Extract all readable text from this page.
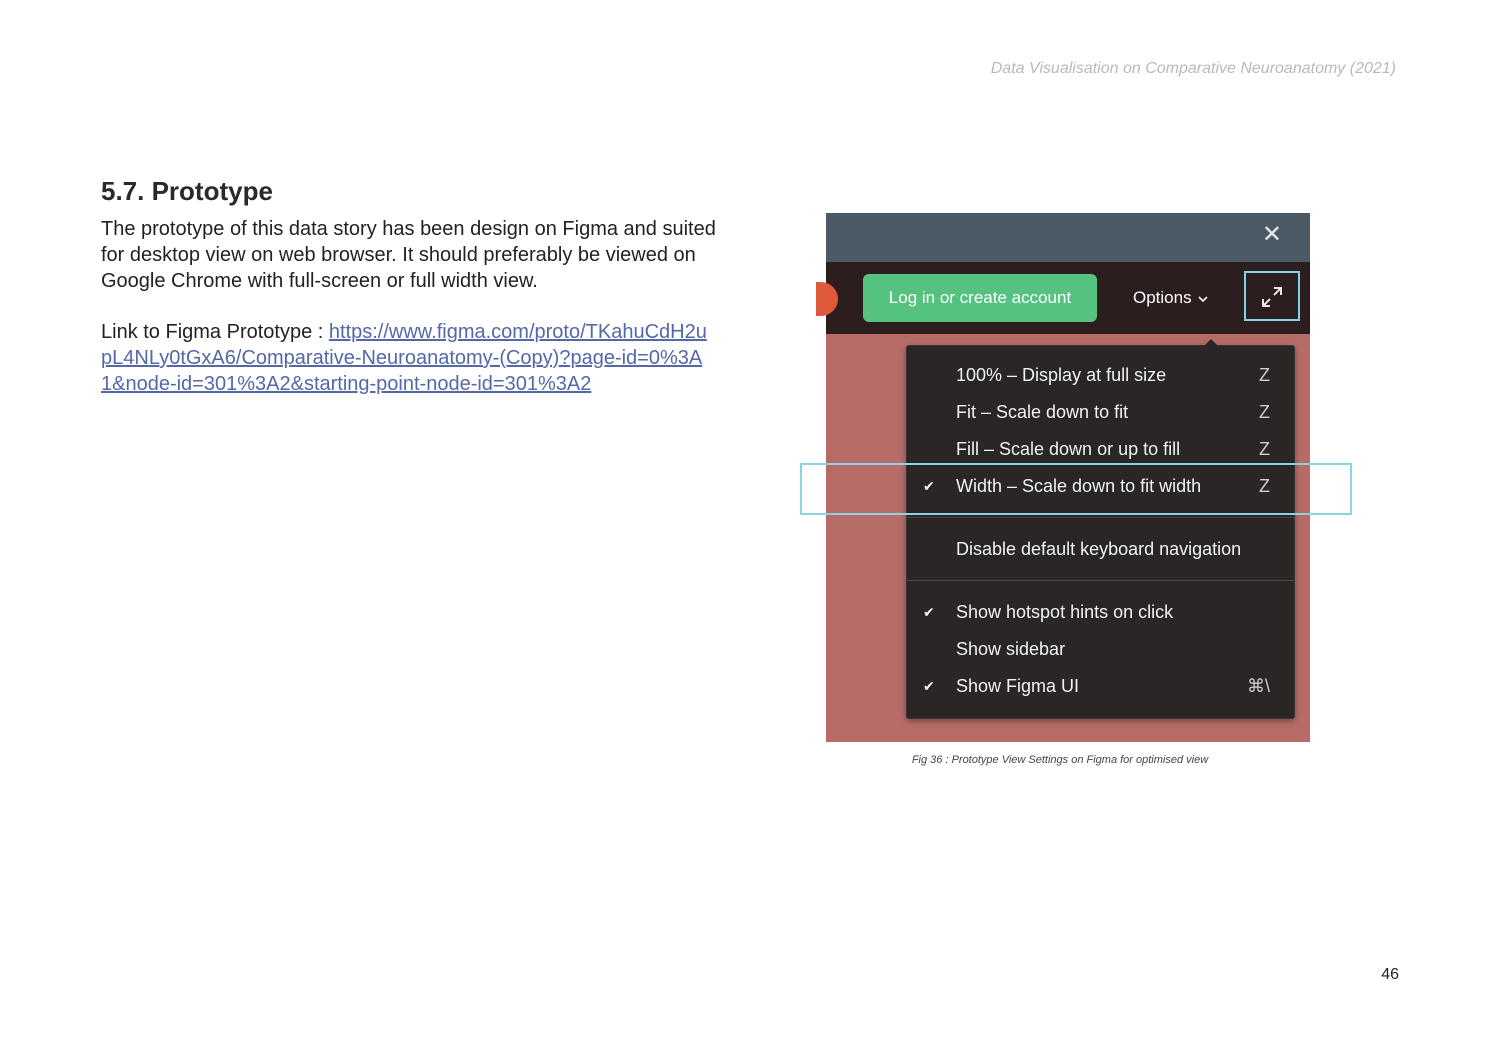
Data Visualisation on Comparative Neuroanatomy (2021)
5.7. Prototype

The prototype of this data story has been design on Figma and suited for desktop view on web browser. It should preferably be viewed on Google Chrome with full-screen or full width view.

Link to Figma Prototype : https://www.figma.com/proto/TKahuCdH2upL4NLy0tGxA6/Comparative-Neuroanatomy-(Copy)?page-id=0%3A1&node-id=301%3A2&starting-point-node-id=301%3A2

✕
Log in or create account	Options
100% – Display at full size	Z
Fit – Scale down to fit	Z
Fill – Scale down or up to fill	Z
✔ Width – Scale down to fit width	Z
Disable default keyboard navigation
✔ Show hotspot hints on click
Show sidebar
✔ Show Figma UI	⌘\
Fig 36 : Prototype View Settings on Figma for optimised view
46
